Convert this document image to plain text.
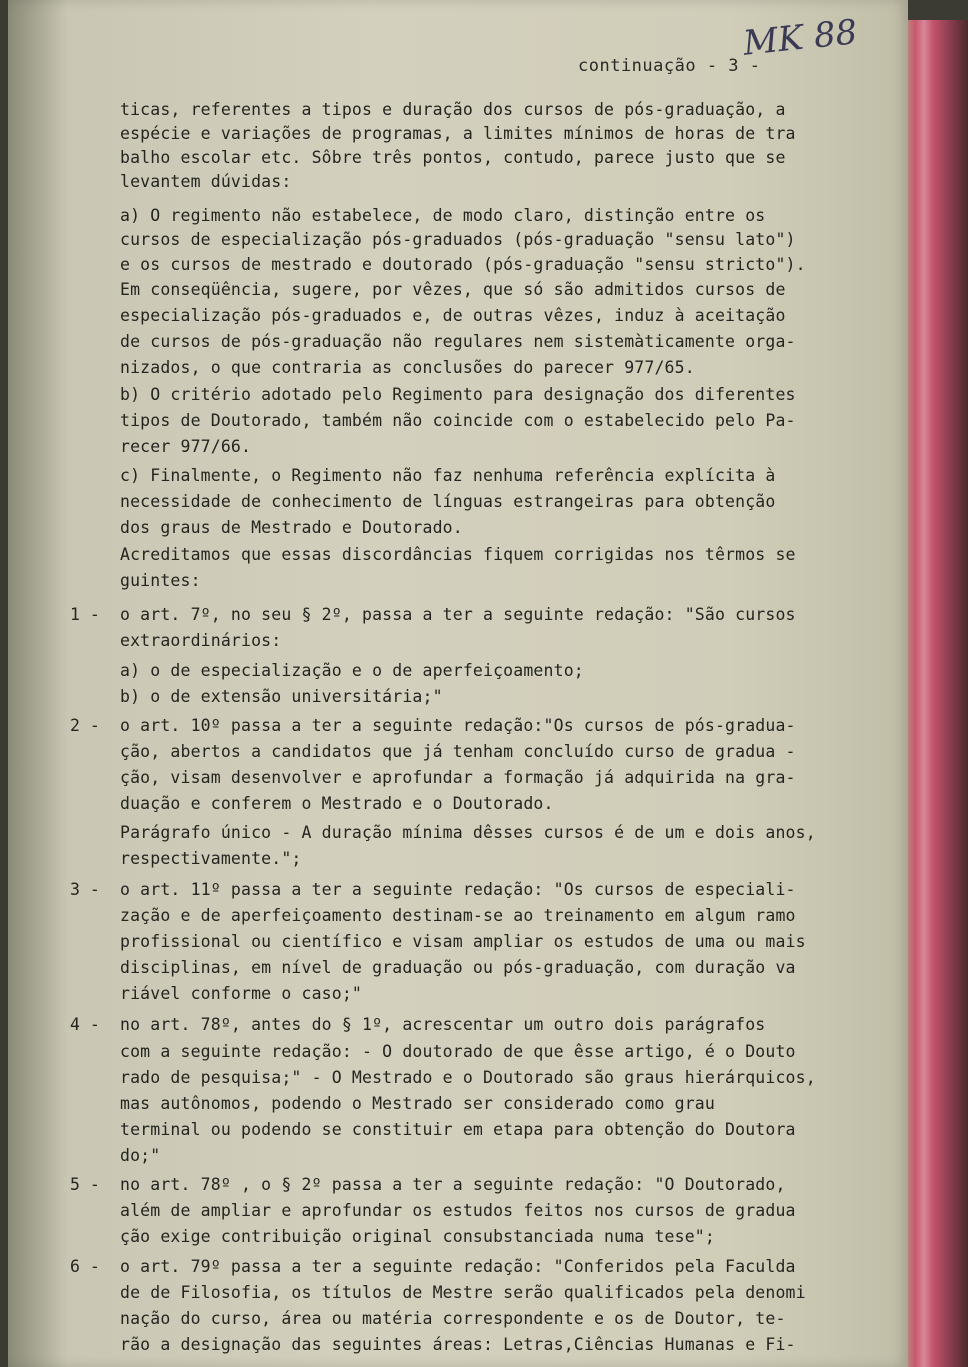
MK 88
continuação - 3 -
ticas, referentes a tipos e duração dos cursos de pós-graduação, a
espécie e variações de programas, a limites mínimos de horas de tra
balho escolar etc. Sôbre três pontos, contudo, parece justo que se
levantem dúvidas:
a) O regimento não estabelece, de modo claro, distinção entre os
cursos de especialização pós-graduados (pós-graduação "sensu lato")
e os cursos de mestrado e doutorado (pós-graduação "sensu stricto").
Em conseqüência, sugere, por vêzes, que só são admitidos cursos de
especialização pós-graduados e, de outras vêzes, induz à aceitação
de cursos de pós-graduação não regulares nem sistemàticamente orga-
nizados, o que contraria as conclusões do parecer 977/65.
b) O critério adotado pelo Regimento para designação dos diferentes
tipos de Doutorado, também não coincide com o estabelecido pelo Pa-
recer 977/66.
c) Finalmente, o Regimento não faz nenhuma referência explícita à
necessidade de conhecimento de línguas estrangeiras para obtenção
dos graus de Mestrado e Doutorado.
Acreditamos que essas discordâncias fiquem corrigidas nos têrmos se
guintes:
1 -	o art. 7º, no seu § 2º, passa a ter a seguinte redação: "São cursos
extraordinários:
a) o de especialização e o de aperfeiçoamento;
b) o de extensão universitária;"
2 -	o art. 10º passa a ter a seguinte redação:"Os cursos de pós-gradua-
ção, abertos a candidatos que já tenham concluído curso de gradua -
ção, visam desenvolver e aprofundar a formação já adquirida na gra-
duação e conferem o Mestrado e o Doutorado.
Parágrafo único - A duração mínima dêsses cursos é de um e dois anos,
respectivamente.";
3 -	o art. 11º passa a ter a seguinte redação: "Os cursos de especiali-
zação e de aperfeiçoamento destinam-se ao treinamento em algum ramo
profissional ou científico e visam ampliar os estudos de uma ou mais
disciplinas, em nível de graduação ou pós-graduação, com duração va
riável conforme o caso;"
4 -	no art. 78º, antes do § 1º, acrescentar um outro dois parágrafos
com a seguinte redação: - O doutorado de que êsse artigo, é o Douto
rado de pesquisa;" - O Mestrado e o Doutorado são graus hierárquicos,
mas autônomos, podendo o Mestrado ser considerado como grau
terminal ou podendo se constituir em etapa para obtenção do Doutora
do;"
5 -	no art. 78º , o § 2º passa a ter a seguinte redação: "O Doutorado,
além de ampliar e aprofundar os estudos feitos nos cursos de gradua
ção exige contribuição original consubstanciada numa tese";
6 -	o art. 79º passa a ter a seguinte redação: "Conferidos pela Faculda
de de Filosofia, os títulos de Mestre serão qualificados pela denomi
nação do curso, área ou matéria correspondente e os de Doutor, te-
rão a designação das seguintes áreas: Letras,Ciências Humanas e Fi-
